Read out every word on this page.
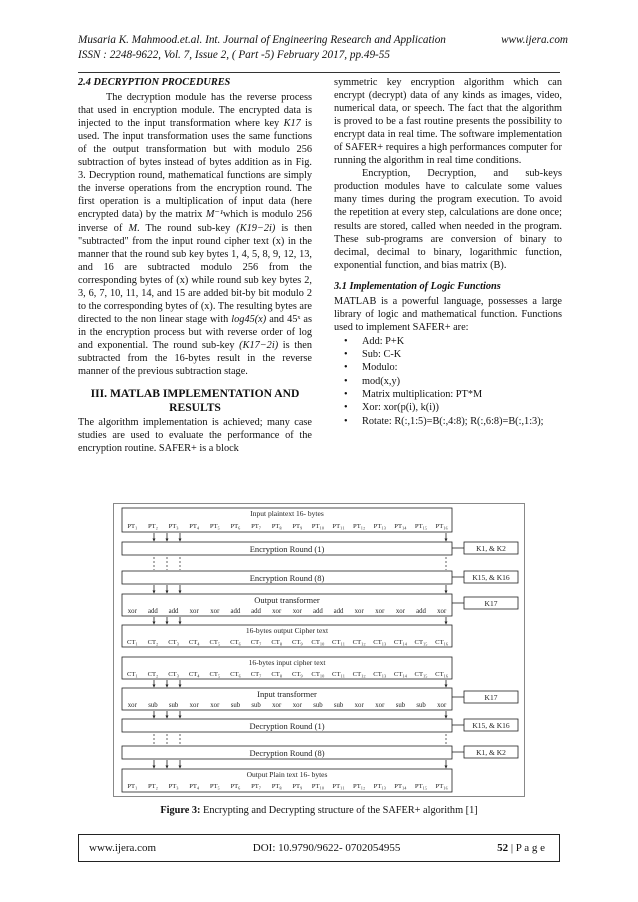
Musaria K. Mahmood.et.al. Int. Journal of Engineering Research and Application	www.ijera.com
ISSN : 2248-9622, Vol. 7, Issue 2, ( Part -5) February 2017, pp.49-55
2.4 DECRYPTION PROCEDURES

The decryption module has the reverse process that used in encryption module. The encrypted data is injected to the input transformation where key K17 is used. The input transformation uses the same functions of the output transformation but with modulo 256 subtraction of bytes instead of bytes addition as in Fig. 3. Decryption round, mathematical functions are simply the inverse operations from the encryption round. The first operation is a multiplication of input data (here encrypted data) by the matrix M⁻¹which is modulo 256 inverse of M. The round sub-key (K19−2i) is then "subtracted" from the input round cipher text (x) in the manner that the round sub key bytes 1, 4, 5, 8, 9, 12, 13, and 16 are subtracted modulo 256 from the corresponding bytes of (x) while round sub key bytes 2, 3, 6, 7, 10, 11, 14, and 15 are added bit-by bit modulo 2 to the corresponding bytes of (x). The resulting bytes are directed to the non linear stage with log45(x) and 45ˣ as in the encryption process but with reverse order of log and exponential. The round sub-key (K17−2i) is then subtracted from the 16-bytes result in the reverse manner of the previous subtraction stage.

III. MATLAB IMPLEMENTATION AND RESULTS

The algorithm implementation is achieved; many case studies are used to evaluate the performance of the encryption routine. SAFER+ is a block

symmetric key encryption algorithm which can encrypt (decrypt) data of any kinds as images, video, numerical data, or speech. The fact that the algorithm is proved to be a fast routine presents the possibility to encrypt data in real time. The software implementation of SAFER+ requires a high performances computer for running the algorithm in real time conditions.

Encryption, Decryption, and sub-keys production modules have to calculate some values many times during the program execution. To avoid the repetition at every step, calculations are done once; results are stored, called when needed in the program. These sub-programs are conversion of binary to decimal, decimal to binary, logarithmic function, exponential function, and bias matrix (B).

3.1 Implementation of Logic Functions

MATLAB is a powerful language, possesses a large library of logic and mathematical function. Functions used to implement SAFER+ are:

• Add: P+K
• Sub: C-K
• Modulo:
• mod(x,y)
• Matrix multiplication: PT*M
• Xor: xor(p(i), k(i))
• Rotate: R(:,1:5)=B(:,4:8); R(:,6:8)=B(:,1:3);
Input plaintext 16- bytes
PT₁ PT₂ PT₃ PT₄ PT₅ PT₆ PT₇ PT₈ PT₉ PT₁₀ PT₁₁ PT₁₂ PT₁₃ PT₁₄ PT₁₅ PT₁₆
Encryption Round (1)	K1, & K2
Encryption Round (8)	K15, & K16
Output transformer
xor add add xor xor add add xor xor add add xor xor xor add xor
K17
16-bytes output Cipher text
CT₁ CT₂ CT₃ CT₄ CT₅ CT₆ CT₇ CT₈ CT₉ CT₁₀ CT₁₁ CT₁₂ CT₁₃ CT₁₄ CT₁₅ CT₁₆
16-bytes input cipher text
CT₁ CT₂ CT₃ CT₄ CT₅ CT₆ CT₇ CT₈ CT₉ CT₁₀ CT₁₁ CT₁₂ CT₁₃ CT₁₄ CT₁₅ CT₁₆
Input transformer
xor sub sub xor xor sub sub xor xor sub sub xor xor sub sub xor
K17
Decryption Round (1)	K15, & K16
Decryption Round (8)	K1, & K2
Output Plain text 16- bytes
PT₁ PT₂ PT₃ PT₄ PT₅ PT₆ PT₇ PT₈ PT₉ PT₁₀ PT₁₁ PT₁₂ PT₁₃ PT₁₄ PT₁₅ PT₁₆
Figure 3: Encrypting and Decrypting structure of the SAFER+ algorithm [1]
www.ijera.com	DOI: 10.9790/9622- 0702054955	52 | P a g e
